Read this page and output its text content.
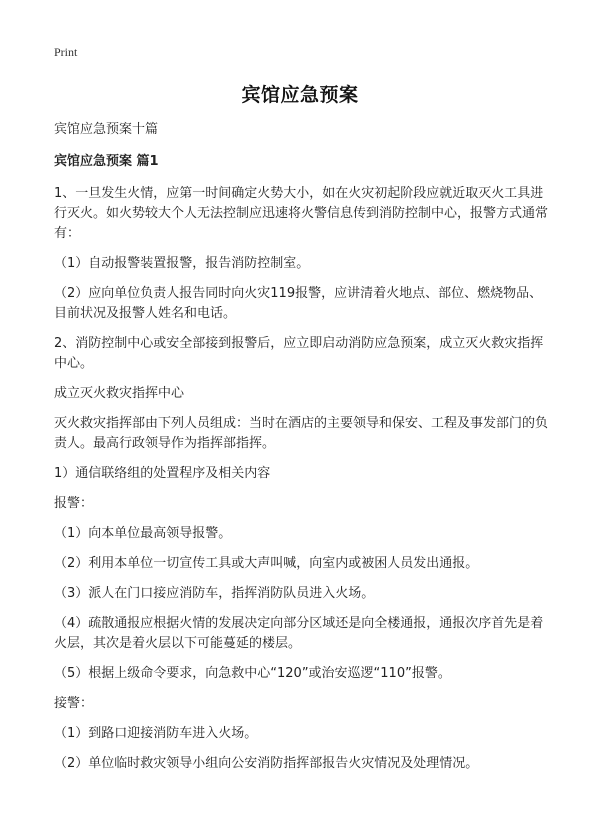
Print
宾馆应急预案
宾馆应急预案十篇
宾馆应急预案 篇1

1、一旦发生火情，应第一时间确定火势大小，如在火灾初起阶段应就近取灭火工具进行灭火。如火势较大个人无法控制应迅速将火警信息传到消防控制中心，报警方式通常有：

（1）自动报警装置报警，报告消防控制室。

（2）应向单位负责人报告同时向火灾119报警，应讲清着火地点、部位、燃烧物品、目前状况及报警人姓名和电话。

2、消防控制中心或安全部接到报警后，应立即启动消防应急预案，成立灭火救灾指挥中心。

成立灭火救灾指挥中心

灭火救灾指挥部由下列人员组成：当时在酒店的主要领导和保安、工程及事发部门的负责人。最高行政领导作为指挥部指挥。

1）通信联络组的处置程序及相关内容

报警：

（1）向本单位最高领导报警。

（2）利用本单位一切宣传工具或大声叫喊，向室内或被困人员发出通报。

（3）派人在门口接应消防车，指挥消防队员进入火场。

（4）疏散通报应根据火情的发展决定向部分区域还是向全楼通报，通报次序首先是着火层，其次是着火层以下可能蔓延的楼层。

（5）根据上级命令要求，向急救中心“120”或治安巡逻“110”报警。

接警：

（1）到路口迎接消防车进入火场。

（2）单位临时救灾领导小组向公安消防指挥部报告火灾情况及处理情况。
